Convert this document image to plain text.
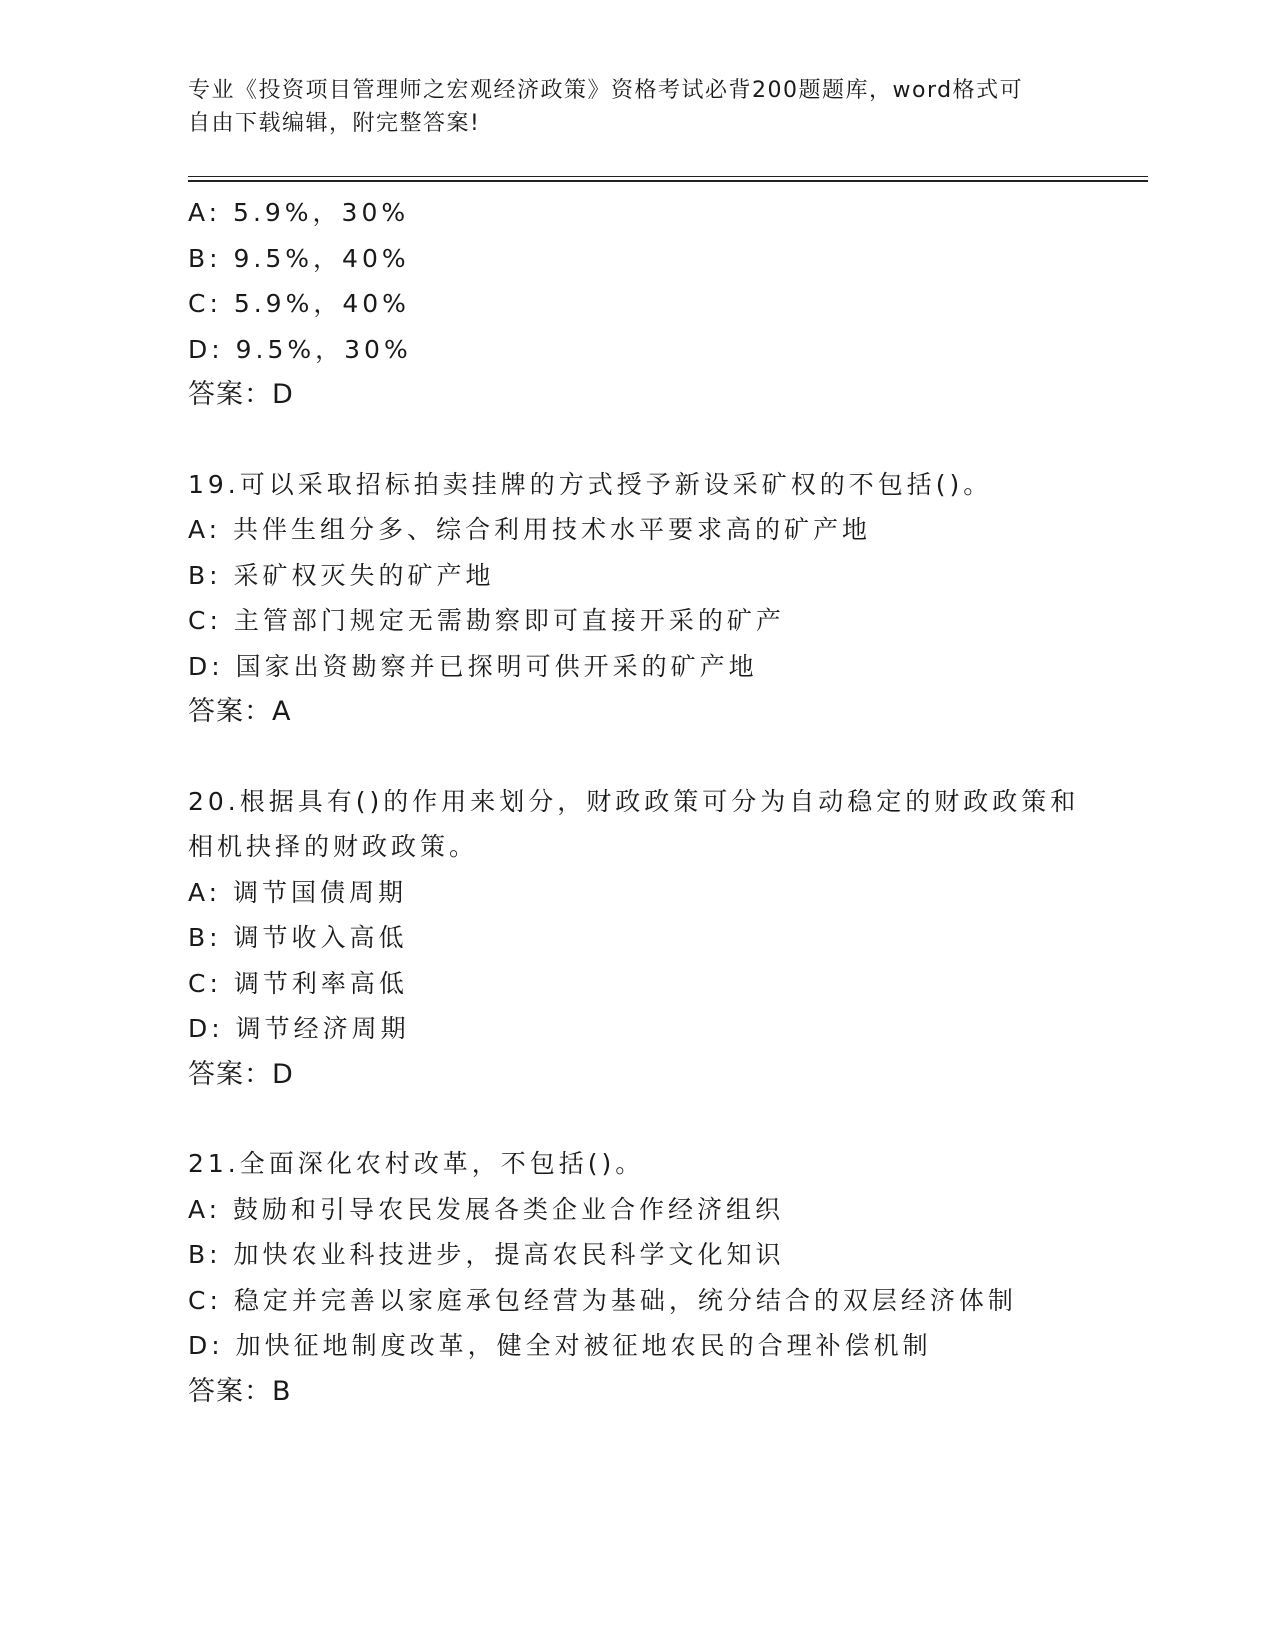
专业《投资项目管理师之宏观经济政策》资格考试必背200题题库，word格式可
自由下载编辑，附完整答案!
A: 5.9%，30%
B: 9.5%，40%
C: 5.9%，40%
D: 9.5%，30%
答案：D
19.可以采取招标拍卖挂牌的方式授予新设采矿权的不包括()。
A: 共伴生组分多、综合利用技术水平要求高的矿产地
B: 采矿权灭失的矿产地
C: 主管部门规定无需勘察即可直接开采的矿产
D: 国家出资勘察并已探明可供开采的矿产地
答案：A
20.根据具有()的作用来划分，财政政策可分为自动稳定的财政政策和
相机抉择的财政政策。
A: 调节国债周期
B: 调节收入高低
C: 调节利率高低
D: 调节经济周期
答案：D
21.全面深化农村改革，不包括()。
A: 鼓励和引导农民发展各类企业合作经济组织
B: 加快农业科技进步，提高农民科学文化知识
C: 稳定并完善以家庭承包经营为基础，统分结合的双层经济体制
D: 加快征地制度改革，健全对被征地农民的合理补偿机制
答案：B
